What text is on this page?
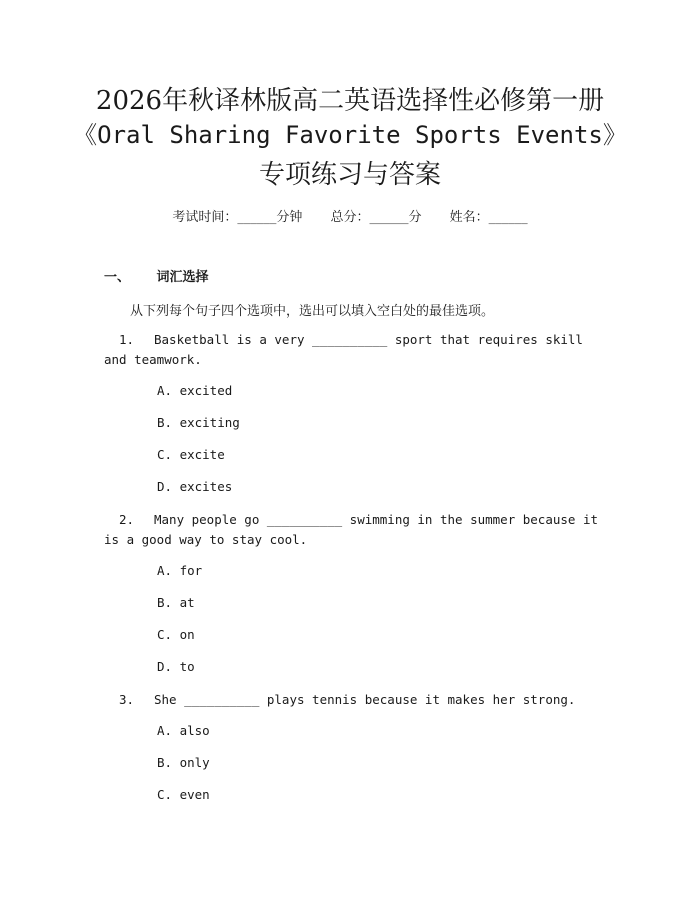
2026年秋译林版高二英语选择性必修第一册
《Oral Sharing Favorite Sports Events》
专项练习与答案
考试时间：______分钟 总分：______分 姓名：______
一、 词汇选择
从下列每个句子四个选项中，选出可以填入空白处的最佳选项。
1. Basketball is a very __________ sport that requires skill and teamwork.
A. excited
B. exciting
C. excite
D. excites
2. Many people go __________ swimming in the summer because it is a good way to stay cool.
A. for
B. at
C. on
D. to
3. She __________ plays tennis because it makes her strong.
A. also
B. only
C. even
